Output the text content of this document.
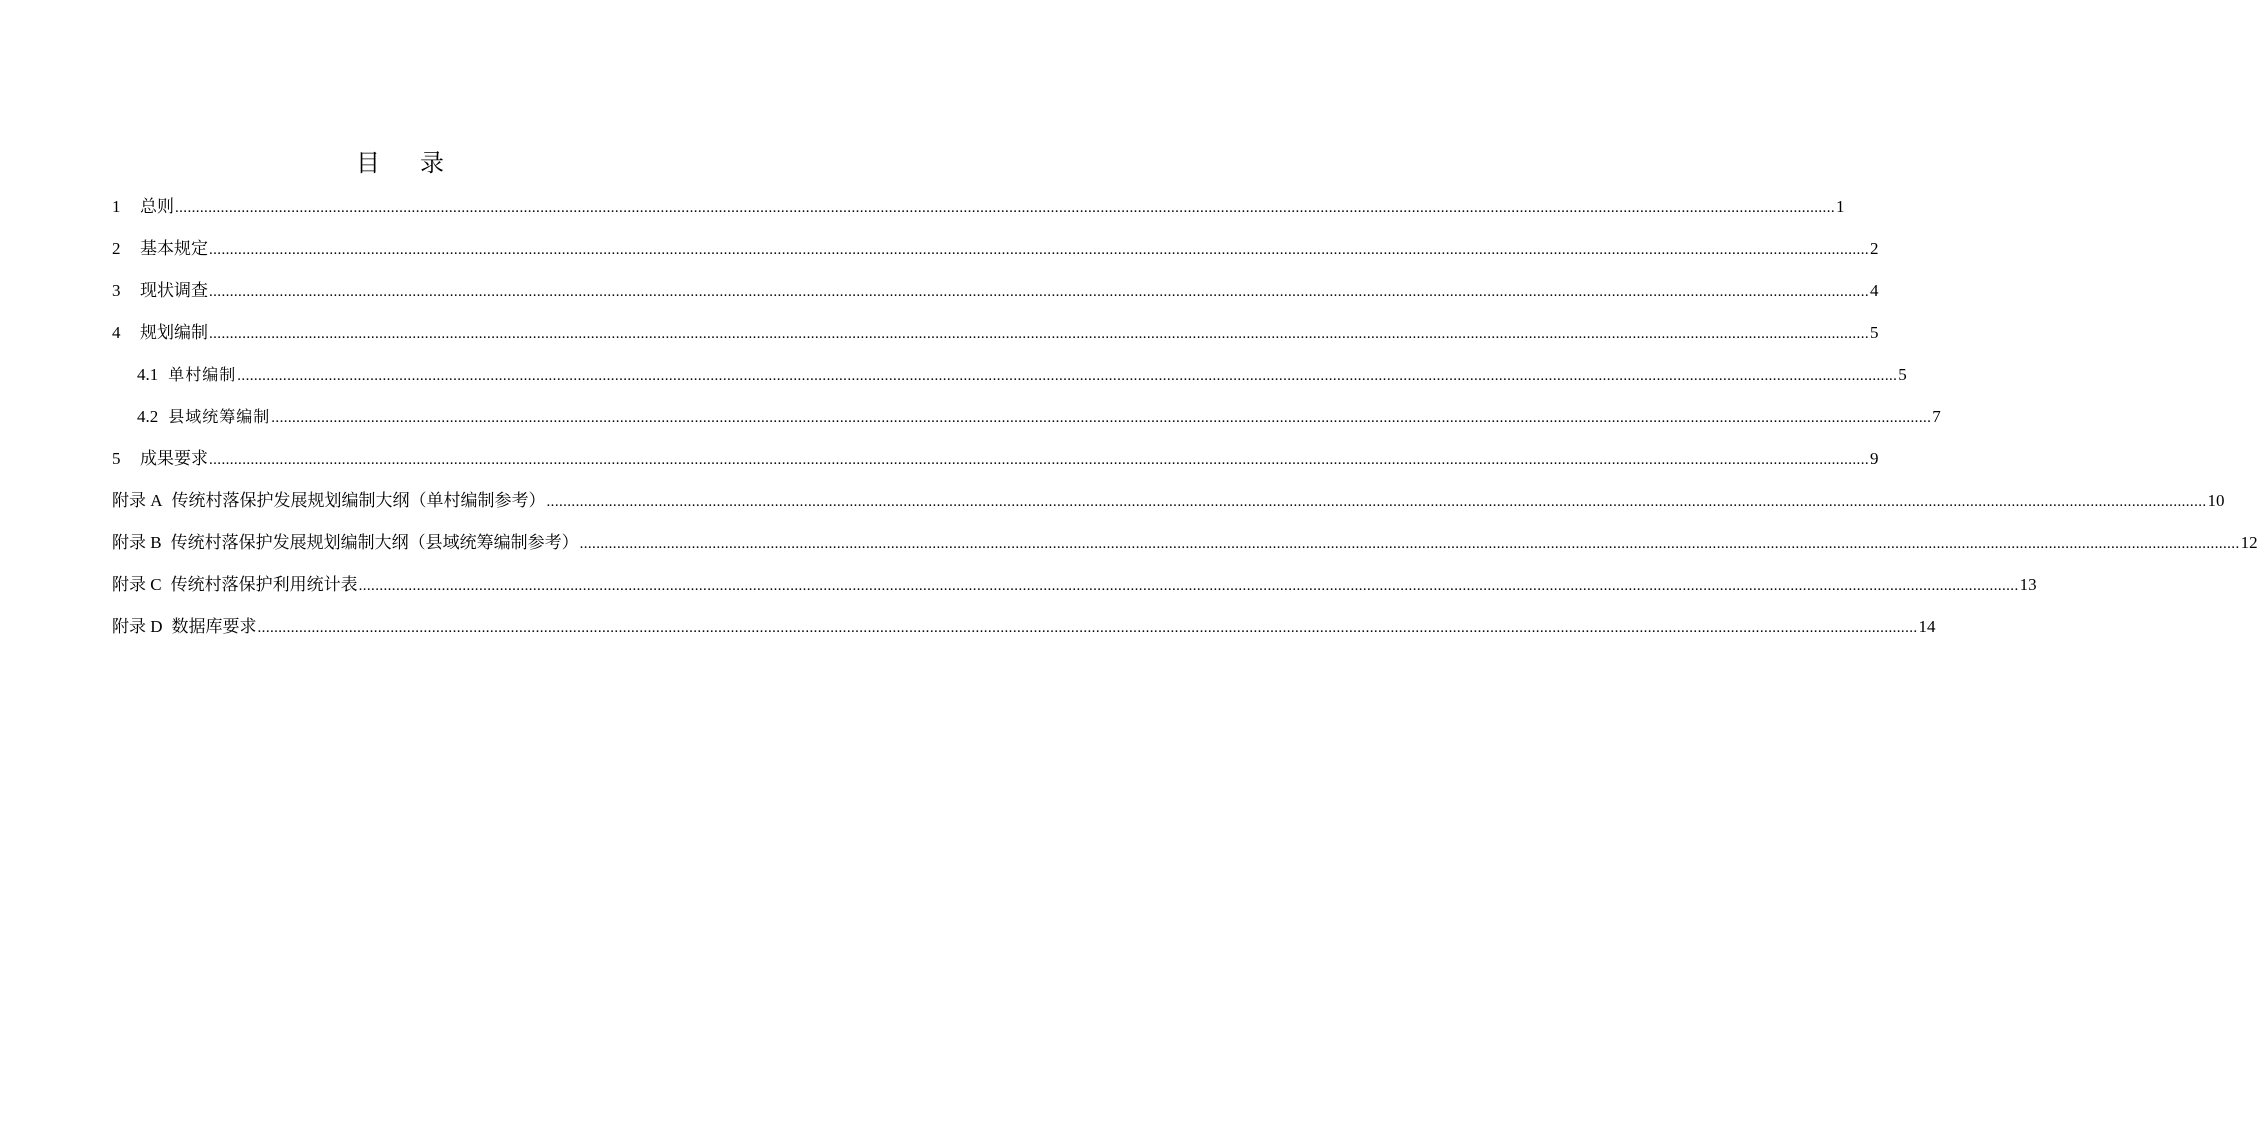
目 录
1	总则 ................................................................................................................................................................................................................................................................................................................................................................................................................ 1
2	基本规定 ................................................................................................................................................................................................................................................................................................................................................................................................................ 2
3	现状调查 ................................................................................................................................................................................................................................................................................................................................................................................................................ 4
4	规划编制 ................................................................................................................................................................................................................................................................................................................................................................................................................ 5
4.1 单村编制 ................................................................................................................................................................................................................................................................................................................................................................................................................ 5
4.2 县域统筹编制 ................................................................................................................................................................................................................................................................................................................................................................................................................ 7
5	成果要求 ................................................................................................................................................................................................................................................................................................................................................................................................................ 9
附录 A 传统村落保护发展规划编制大纲（单村编制参考） ................................................................................................................................................................................................................................................................................................................................................................................................................ 10
附录 B 传统村落保护发展规划编制大纲（县域统筹编制参考） ................................................................................................................................................................................................................................................................................................................................................................................................................ 12
附录 C 传统村落保护利用统计表 ................................................................................................................................................................................................................................................................................................................................................................................................................ 13
附录 D 数据库要求 ................................................................................................................................................................................................................................................................................................................................................................................................................ 14
